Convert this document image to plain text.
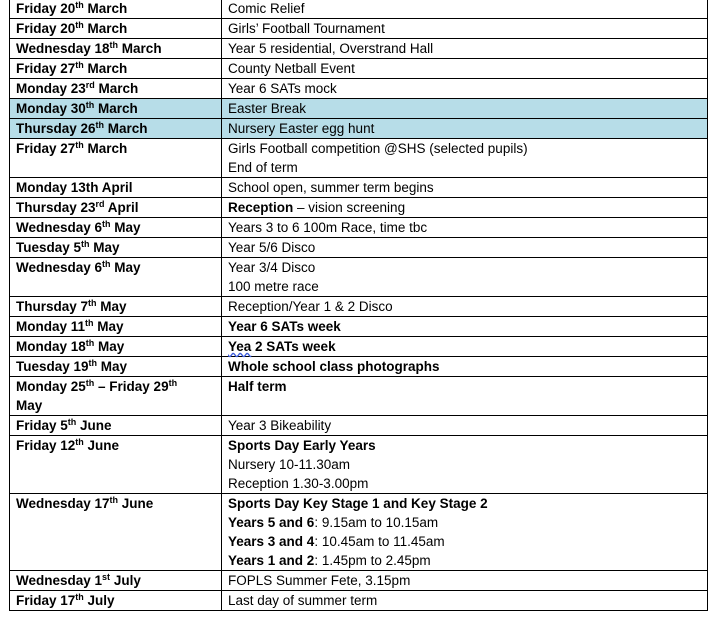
Friday 20th March	Comic Relief
Friday 20th March	Girls’ Football Tournament
Wednesday 18th March	Year 5 residential, Overstrand Hall
Friday 27th March	County Netball Event
Monday 23rd March	Year 6 SATs mock
Monday 30th March	Easter Break
Thursday 26th March	Nursery Easter egg hunt
Friday 27th March	Girls Football competition @SHS (selected pupils)
End of term

Monday 13th April	School open, summer term begins
Thursday 23rd April	Reception – vision screening
Wednesday 6th May	Years 3 to 6 100m Race, time tbc
Tuesday 5th May	Year 5/6 Disco
Wednesday 6th May	Year 3/4 Disco
100 metre race

Thursday 7th May	Reception/Year 1 & 2 Disco
Monday 11th May	Year 6 SATs week
Monday 18th May	Yea 2 SATs week
Tuesday 19th May	Whole school class photographs
Monday 25th – Friday 29th
May	Half term
Friday 5th June	Year 3 Bikeability
Friday 12th June	Sports Day Early Years
Nursery 10-11.30am
Reception 1.30-3.00pm

Wednesday 17th June	Sports Day Key Stage 1 and Key Stage 2
Years 5 and 6: 9.15am to 10.15am
Years 3 and 4: 10.45am to 11.45am
Years 1 and 2: 1.45pm to 2.45pm

Wednesday 1st July	FOPLS Summer Fete, 3.15pm
Friday 17th July	Last day of summer term
